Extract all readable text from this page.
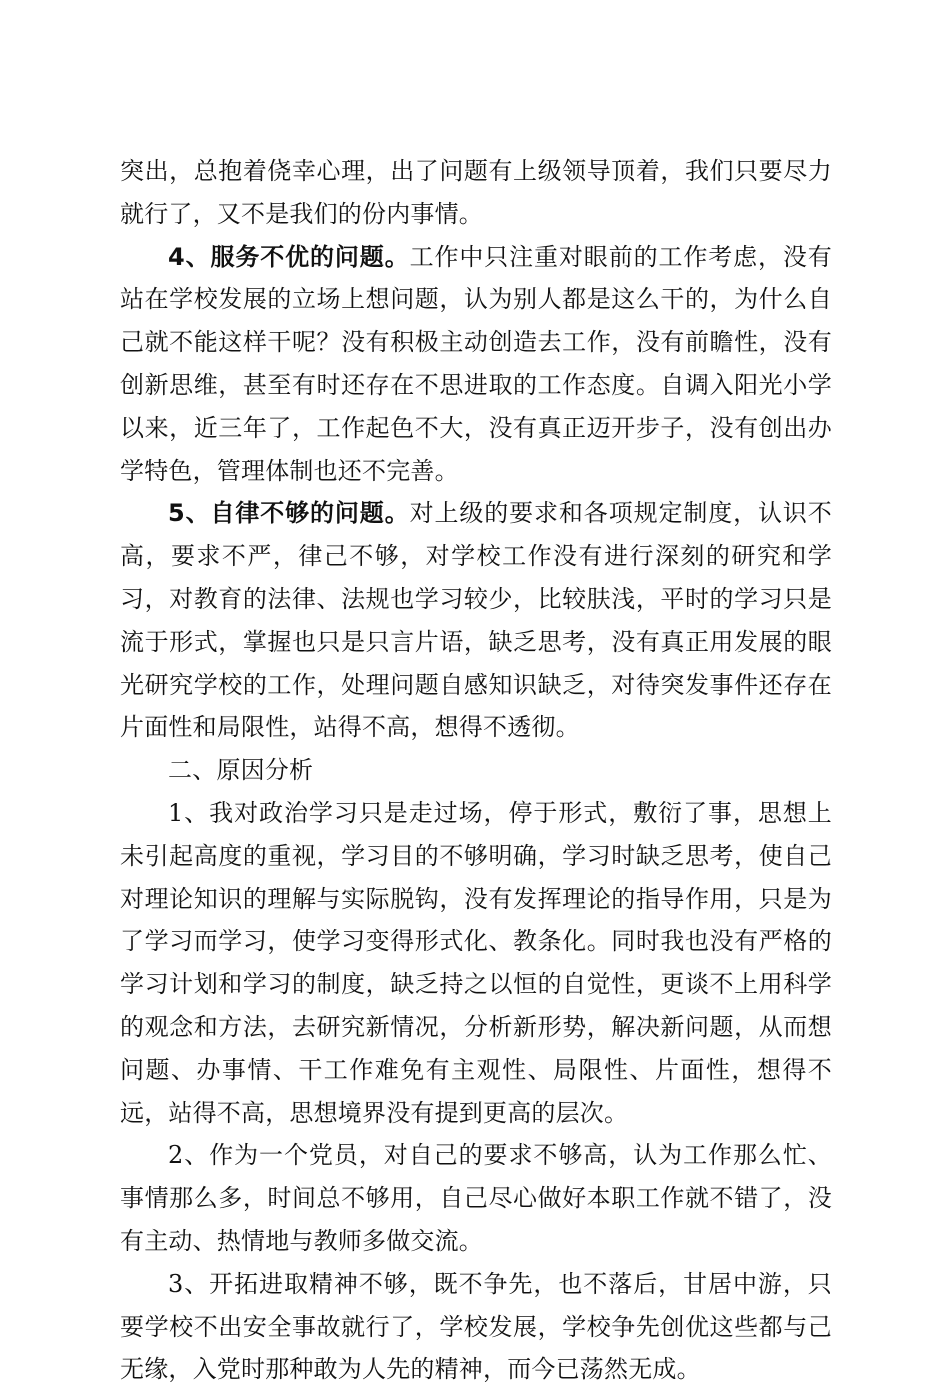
突出，总抱着侥幸心理，出了问题有上级领导顶着，我们只要尽力就行了，又不是我们的份内事情。

4、服务不优的问题。工作中只注重对眼前的工作考虑，没有站在学校发展的立场上想问题，认为别人都是这么干的，为什么自己就不能这样干呢？没有积极主动创造去工作，没有前瞻性，没有创新思维，甚至有时还存在不思进取的工作态度。自调入阳光小学以来，近三年了，工作起色不大，没有真正迈开步子，没有创出办学特色，管理体制也还不完善。

5、自律不够的问题。对上级的要求和各项规定制度，认识不高，要求不严，律己不够，对学校工作没有进行深刻的研究和学习，对教育的法律、法规也学习较少，比较肤浅，平时的学习只是流于形式，掌握也只是只言片语，缺乏思考，没有真正用发展的眼光研究学校的工作，处理问题自感知识缺乏，对待突发事件还存在片面性和局限性，站得不高，想得不透彻。

二、原因分析

1、我对政治学习只是走过场，停于形式，敷衍了事，思想上未引起高度的重视，学习目的不够明确，学习时缺乏思考，使自己对理论知识的理解与实际脱钩，没有发挥理论的指导作用，只是为了学习而学习，使学习变得形式化、教条化。同时我也没有严格的学习计划和学习的制度，缺乏持之以恒的自觉性，更谈不上用科学的观念和方法，去研究新情况，分析新形势，解决新问题，从而想问题、办事情、干工作难免有主观性、局限性、片面性，想得不远，站得不高，思想境界没有提到更高的层次。

2、作为一个党员，对自己的要求不够高，认为工作那么忙、事情那么多，时间总不够用，自己尽心做好本职工作就不错了，没有主动、热情地与教师多做交流。

3、开拓进取精神不够，既不争先，也不落后，甘居中游，只要学校不出安全事故就行了，学校发展，学校争先创优这些都与己无缘，入党时那种敢为人先的精神，而今已荡然无成。
